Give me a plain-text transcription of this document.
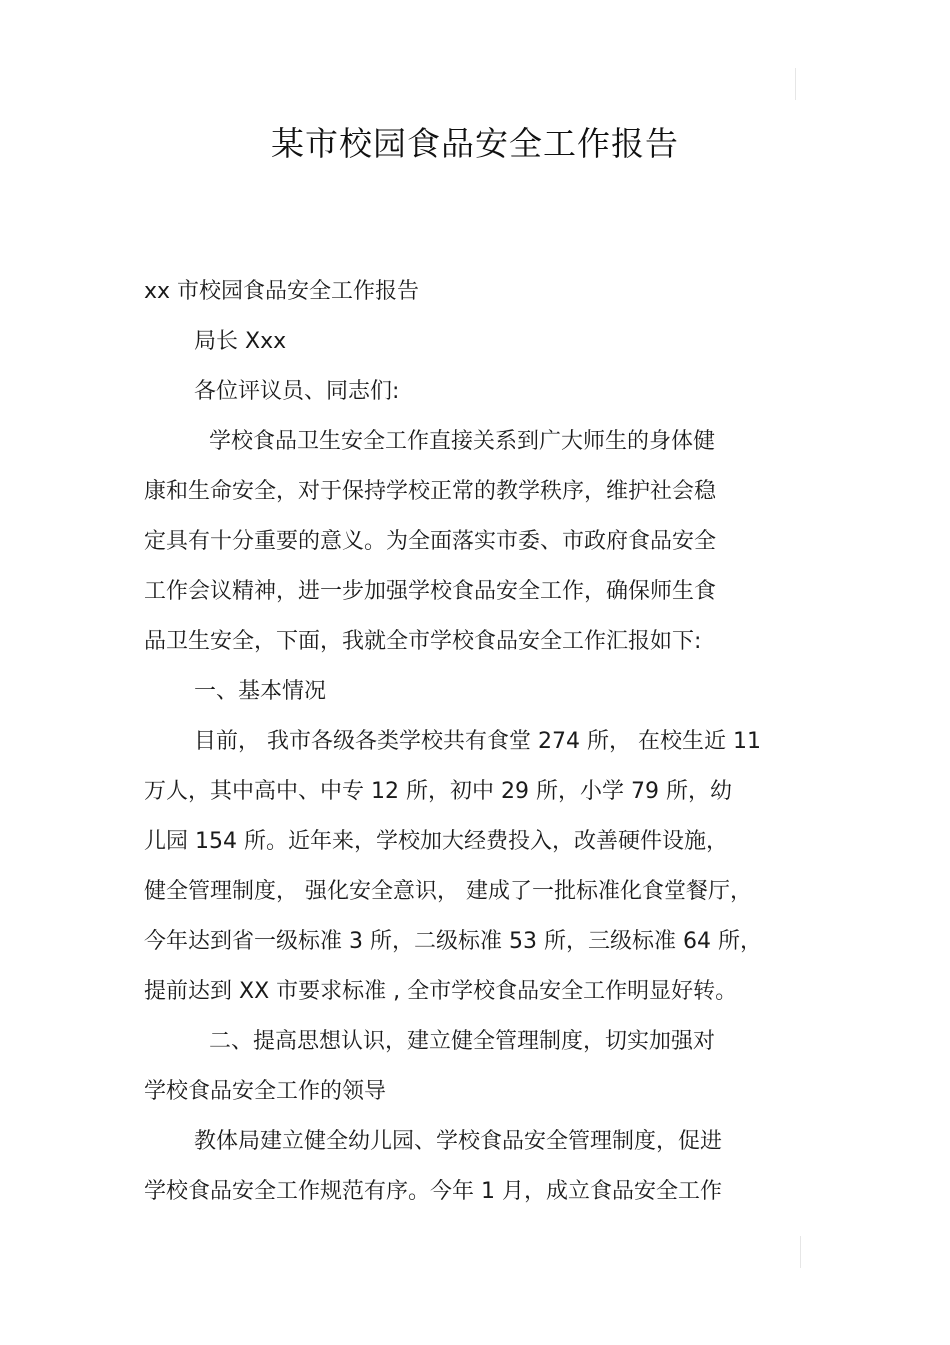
某市校园食品安全工作报告
xx 市校园食品安全工作报告
局长 Xxx
各位评议员、同志们:
学校食品卫生安全工作直接关系到广大师生的身体健
康和生命安全，对于保持学校正常的教学秩序，维护社会稳
定具有十分重要的意义。为全面落实市委、市政府食品安全
工作会议精神，进一步加强学校食品安全工作，确保师生食
品卫生安全，下面，我就全市学校食品安全工作汇报如下:
一、基本情况
目前， 我市各级各类学校共有食堂 274 所， 在校生近 11
万人，其中高中、中专 12 所，初中 29 所，小学 79 所，幼
儿园 154 所。近年来，学校加大经费投入，改善硬件设施，
健全管理制度， 强化安全意识， 建成了一批标准化食堂餐厅，
今年达到省一级标准 3 所，二级标准 53 所，三级标准 64 所，
提前达到 XX 市要求标准 , 全市学校食品安全工作明显好转。
二、提高思想认识，建立健全管理制度，切实加强对
学校食品安全工作的领导
教体局建立健全幼儿园、学校食品安全管理制度，促进
学校食品安全工作规范有序。今年 1 月，成立食品安全工作
